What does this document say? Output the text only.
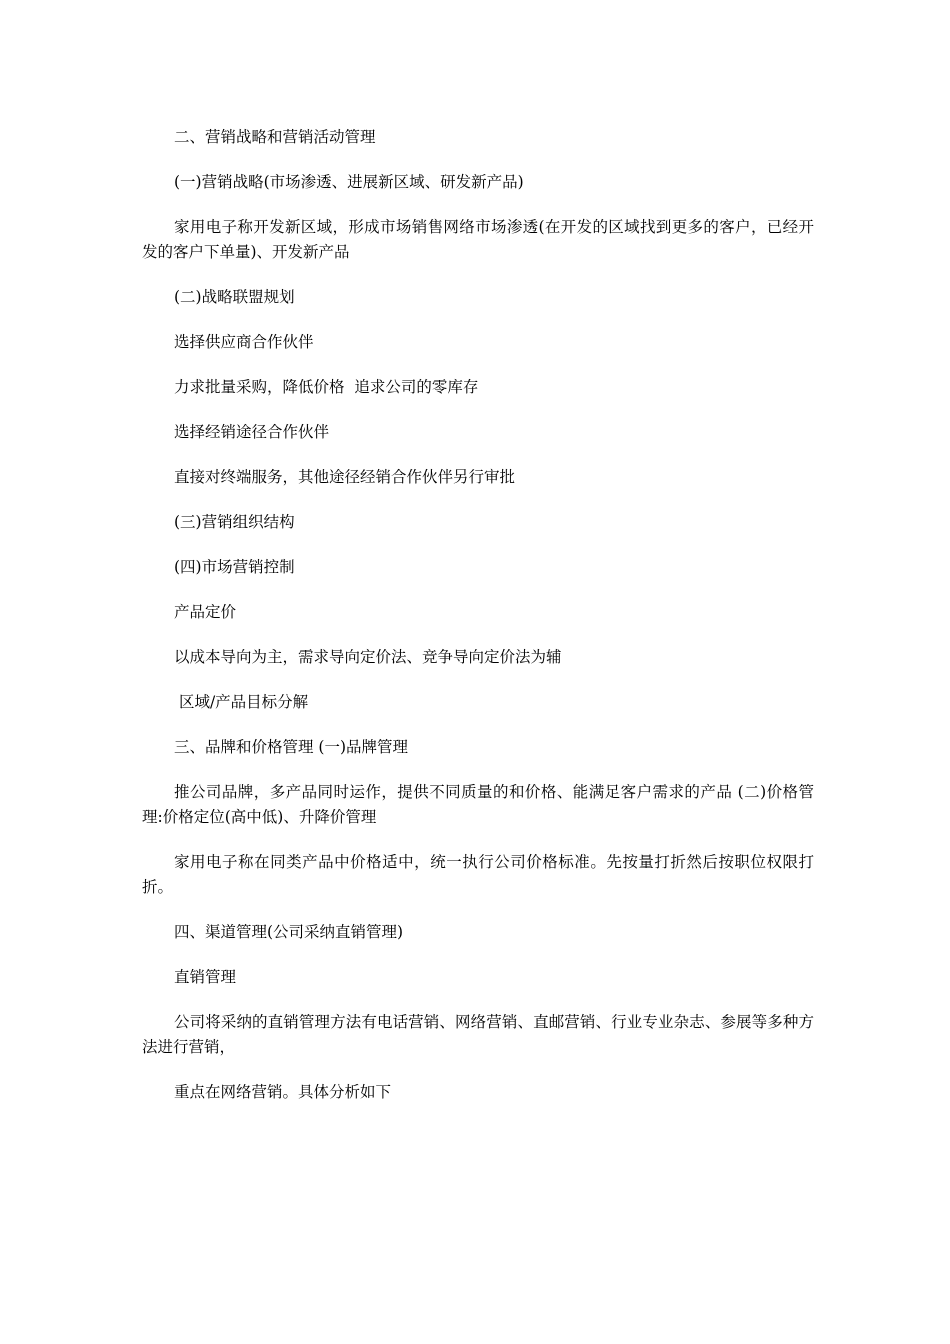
二、营销战略和营销活动管理

(一)营销战略(市场渗透、进展新区域、研发新产品)

家用电子称开发新区域，形成市场销售网络市场渗透(在开发的区域找到更多的客户，已经开发的客户下单量)、开发新产品

(二)战略联盟规划

选择供应商合作伙伴

力求批量采购，降低价格  追求公司的零库存

选择经销途径合作伙伴

直接对终端服务，其他途径经销合作伙伴另行审批

(三)营销组织结构

(四)市场营销控制

产品定价

以成本导向为主，需求导向定价法、竞争导向定价法为辅

区域/产品目标分解

三、品牌和价格管理 (一)品牌管理

推公司品牌，多产品同时运作，提供不同质量的和价格、能满足客户需求的产品 (二)价格管理:价格定位(高中低)、升降价管理

家用电子称在同类产品中价格适中，统一执行公司价格标准。先按量打折然后按职位权限打折。

四、渠道管理(公司采纳直销管理)

直销管理

公司将采纳的直销管理方法有电话营销、网络营销、直邮营销、行业专业杂志、参展等多种方法进行营销，

重点在网络营销。具体分析如下
